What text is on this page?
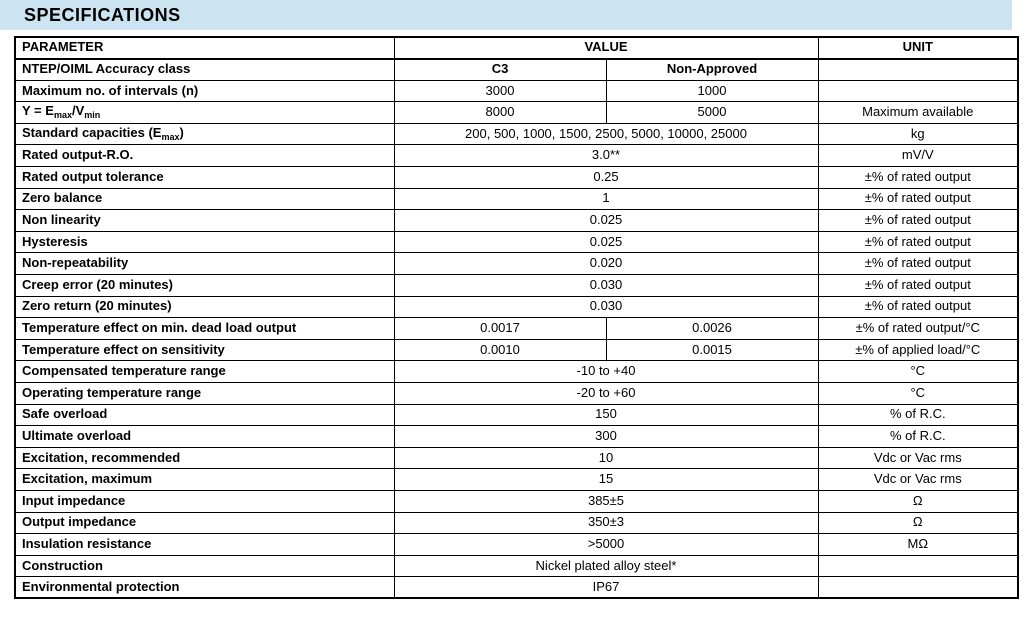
SPECIFICATIONS
PARAMETER	VALUE		UNIT
NTEP/OIML Accuracy class	C3	Non-Approved	
Maximum no. of intervals (n)	3000	1000	
$Y = E_{max}/V_{min}$	8000	5000	Maximum available
Standard capacities $(E_{max})$	200, 500, 1000, 1500, 2500, 5000, 10000, 25000		kg
Rated output-R.O.	3.0**		mV/V
Rated output tolerance	0.25		±% of rated output
Zero balance	1		±% of rated output
Non linearity	0.025		±% of rated output
Hysteresis	0.025		±% of rated output
Non-repeatability	0.020		±% of rated output
Creep error (20 minutes)	0.030		±% of rated output
Zero return (20 minutes)	0.030		±% of rated output
Temperature effect on min. dead load output	0.0017	0.0026	±% of rated output/°C
Temperature effect on sensitivity	0.0010	0.0015	±% of applied load/°C
Compensated temperature range	-10 to +40		°C
Operating temperature range	-20 to +60		°C
Safe overload	150		% of R.C.
Ultimate overload	300		% of R.C.
Excitation, recommended	10		Vdc or Vac rms
Excitation, maximum	15		Vdc or Vac rms
Input impedance	385±5		Ω
Output impedance	350±3		Ω
Insulation resistance	>5000		MΩ
Construction	Nickel plated alloy steel*		
Environmental protection	IP67		
